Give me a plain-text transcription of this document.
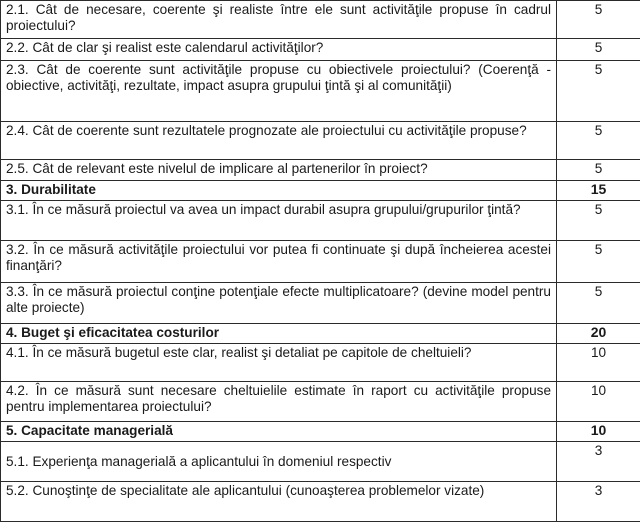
2.1. Cât de necesare, coerente şi realiste între ele sunt activităţile propuse în cadrul proiectului?	5
2.2. Cât de clar şi realist este calendarul activităţilor?	5
2.3. Cât de coerente sunt activităţile propuse cu obiectivele proiectului? (Coerenţă - obiective, activităţi, rezultate, impact asupra grupului ţintă şi al comunităţii)	5
2.4. Cât de coerente sunt rezultatele prognozate ale proiectului cu activităţile propuse?	5
2.5. Cât de relevant este nivelul de implicare al partenerilor în proiect?	5
3. Durabilitate	15
3.1. În ce măsură proiectul va avea un impact durabil asupra grupului/grupurilor ţintă?	5
3.2. În ce măsură activităţile proiectului vor putea fi continuate şi după încheierea acestei finanţări?	5
3.3. În ce măsură proiectul conţine potenţiale efecte multiplicatoare? (devine model pentru alte proiecte)	5
4. Buget şi eficacitatea costurilor	20
4.1. În ce măsură bugetul este clar, realist şi detaliat pe capitole de cheltuieli?	10
4.2. În ce măsură sunt necesare cheltuielile estimate în raport cu activităţile propuse pentru implementarea proiectului?	10
5. Capacitate managerială	10
5.1. Experienţa managerială a aplicantului în domeniul respectiv	3
5.2. Cunoştinţe de specialitate ale aplicantului (cunoaşterea problemelor vizate)	3
